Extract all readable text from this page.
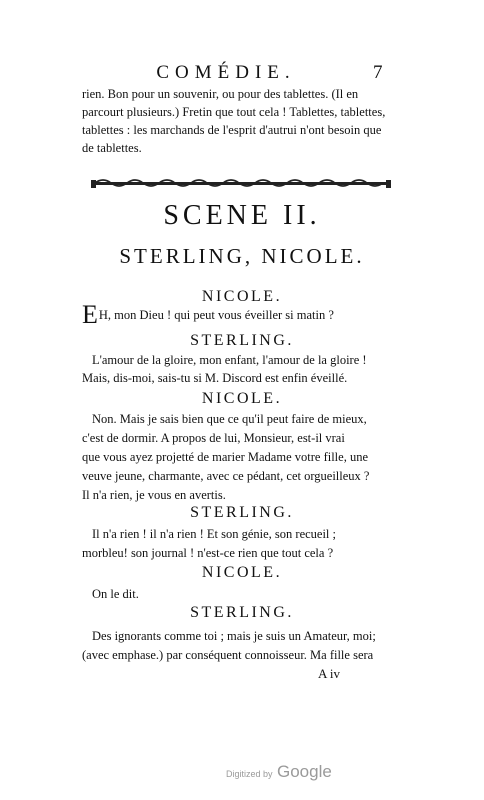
COMÉDIE.	7
rien. Bon pour un souvenir, ou pour des tablettes. (Il en
parcourt plusieurs.) Fretin que tout cela ! Tablettes, tablettes,
tablettes : les marchands de l'esprit d'autrui n'ont besoin que
de tablettes.
SCENE II.
STERLING, NICOLE.
NICOLE.
EH, mon Dieu ! qui peut vous éveiller si matin ?
STERLING.
L'amour de la gloire, mon enfant, l'amour de la gloire !
Mais, dis-moi, sais-tu si M. Discord est enfin éveillé.
NICOLE.
Non. Mais je sais bien que ce qu'il peut faire de mieux,
c'est de dormir. A propos de lui, Monsieur, est-il vrai
que vous ayez projetté de marier Madame votre fille, une
veuve jeune, charmante, avec ce pédant, cet orgueilleux ?
Il n'a rien, je vous en avertis.
STERLING.
Il n'a rien ! il n'a rien ! Et son génie, son recueil ;
morbleu! son journal ! n'est-ce rien que tout cela ?
NICOLE.
On le dit.
STERLING.
Des ignorants comme toi ; mais je suis un Amateur, moi;
(avec emphase.) par conséquent connoisseur. Ma fille sera
A iv
Digitized by Google
